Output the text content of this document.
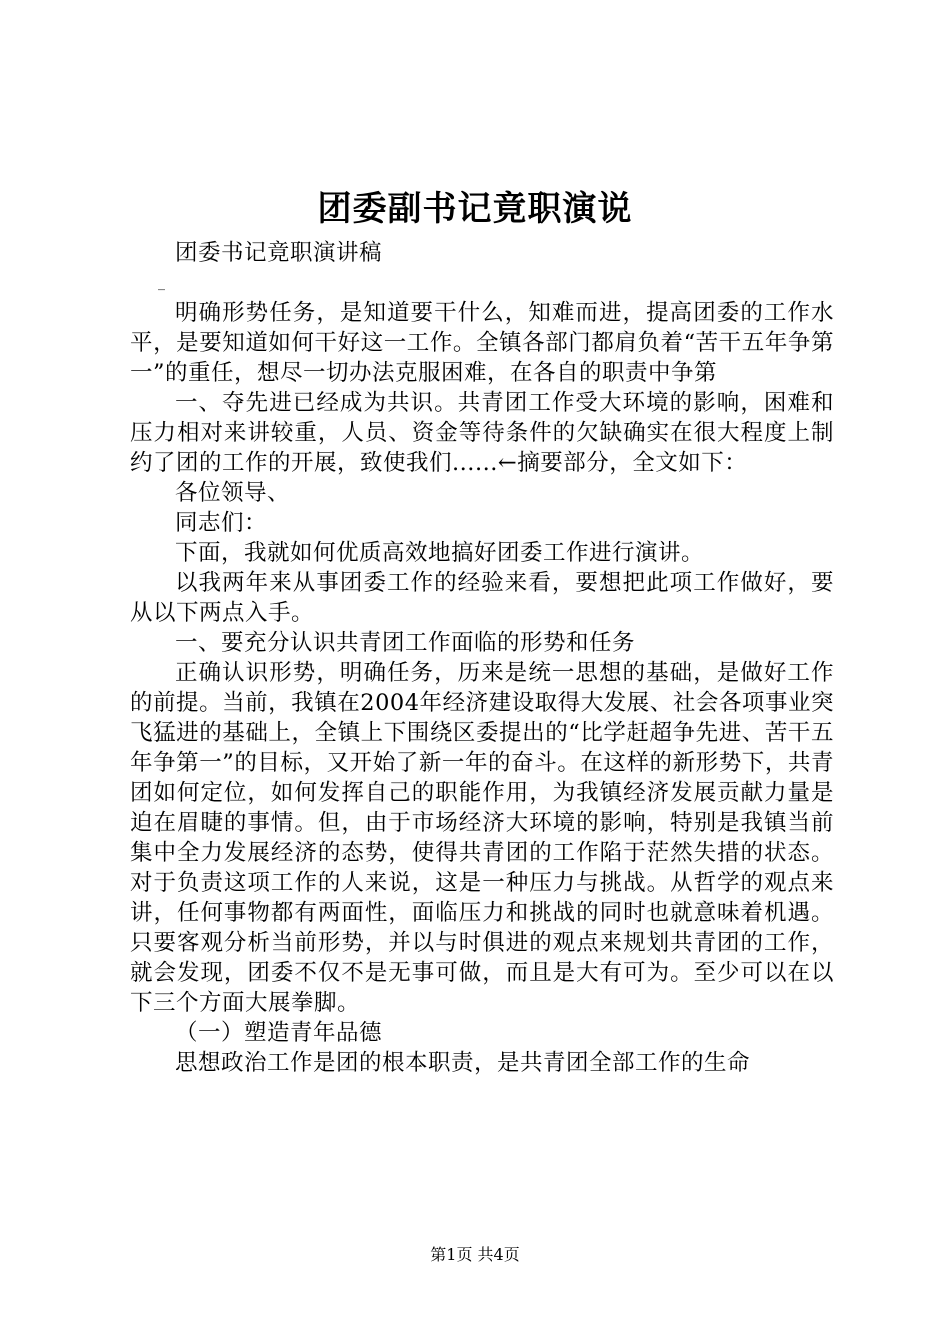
团委副书记竟职演说

团委书记竟职演讲稿

_

明确形势任务，是知道要干什么，知难而进，提高团委的工作水平，是要知道如何干好这一工作。全镇各部门都肩负着“苦干五年争第一”的重任，想尽一切办法克服困难，在各自的职责中争第

一、夺先进已经成为共识。共青团工作受大环境的影响，困难和压力相对来讲较重，人员、资金等待条件的欠缺确实在很大程度上制约了团的工作的开展，致使我们......←摘要部分，全文如下：

各位领导、

同志们：

下面，我就如何优质高效地搞好团委工作进行演讲。

以我两年来从事团委工作的经验来看，要想把此项工作做好，要从以下两点入手。

一、要充分认识共青团工作面临的形势和任务

正确认识形势，明确任务，历来是统一思想的基础，是做好工作的前提。当前，我镇在2004年经济建设取得大发展、社会各项事业突飞猛进的基础上，全镇上下围绕区委提出的“比学赶超争先进、苦干五年争第一”的目标，又开始了新一年的奋斗。在这样的新形势下，共青团如何定位，如何发挥自己的职能作用，为我镇经济发展贡献力量是迫在眉睫的事情。但，由于市场经济大环境的影响，特别是我镇当前集中全力发展经济的态势，使得共青团的工作陷于茫然失措的状态。对于负责这项工作的人来说，这是一种压力与挑战。从哲学的观点来讲，任何事物都有两面性，面临压力和挑战的同时也就意味着机遇。只要客观分析当前形势，并以与时俱进的观点来规划共青团的工作，就会发现，团委不仅不是无事可做，而且是大有可为。至少可以在以下三个方面大展拳脚。

（一）塑造青年品德

思想政治工作是团的根本职责，是共青团全部工作的生命

第1页 共4页
